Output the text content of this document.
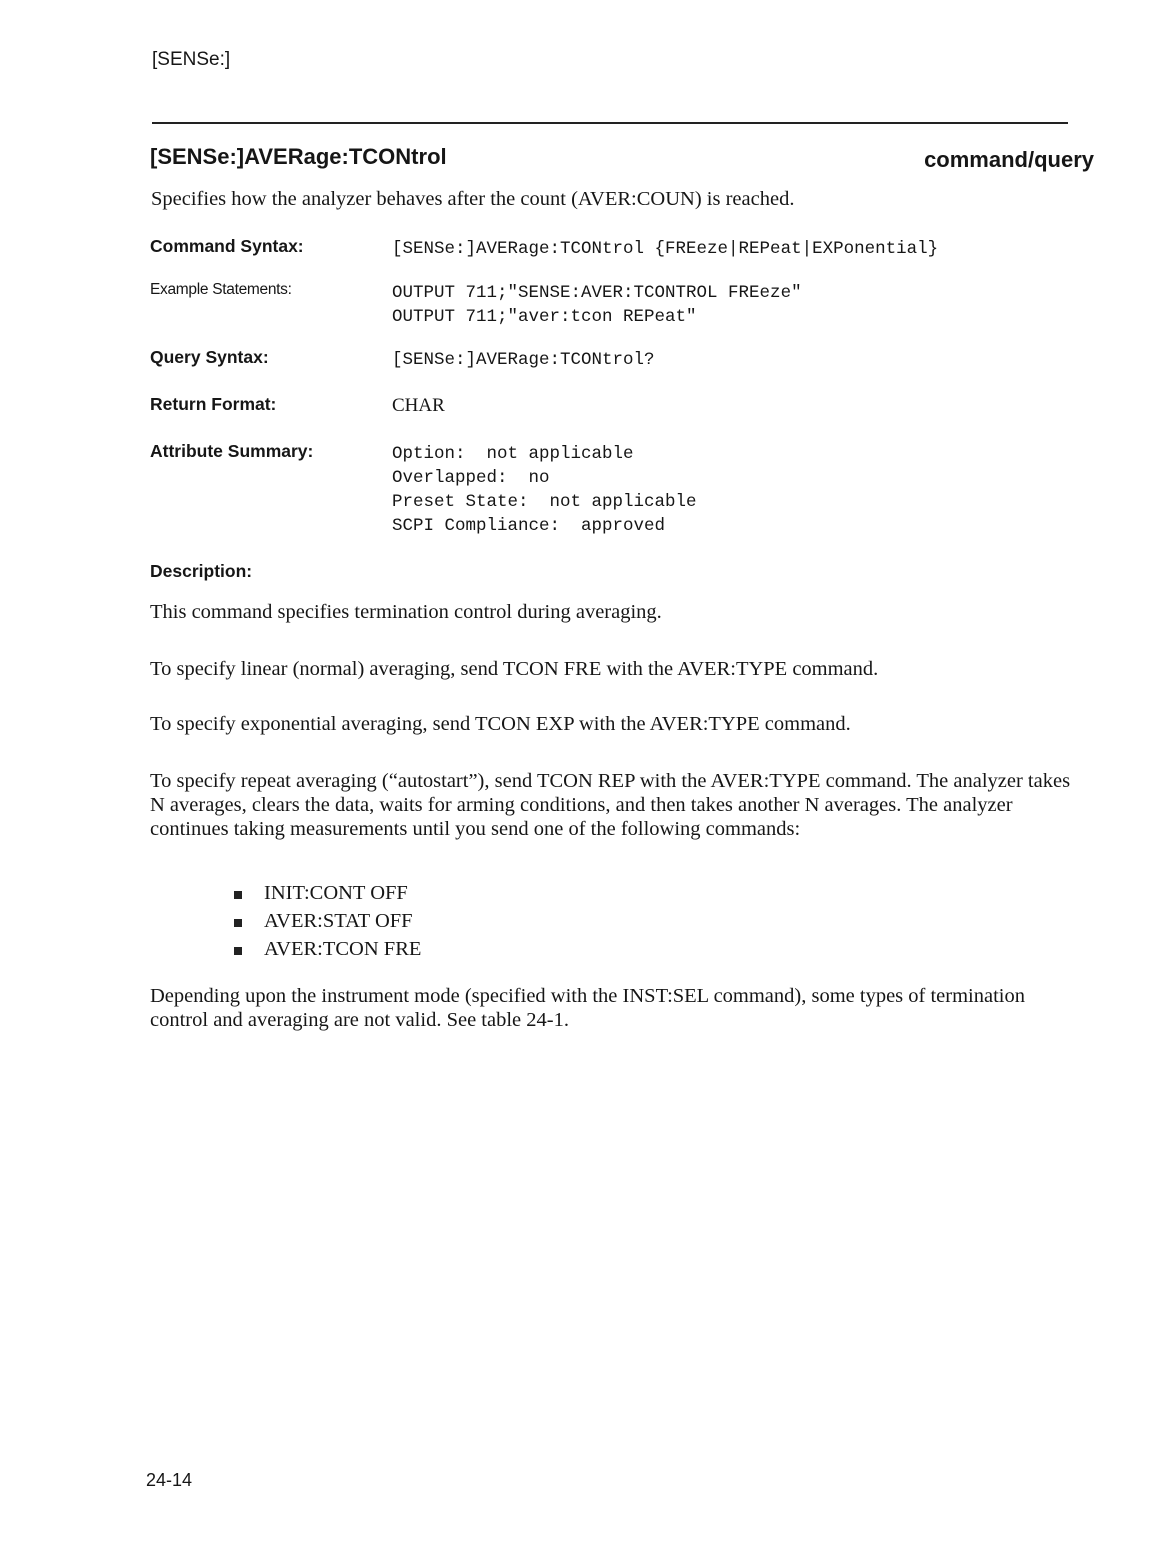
[SENSe:]
[SENSe:]AVERage:TCONtrol	command/query
Specifies how the analyzer behaves after the count (AVER:COUN) is reached.
Command Syntax:	[SENSe:]AVERage:TCONtrol {FREeze|REPeat|EXPonential}
Example Statements:	OUTPUT 711;"SENSE:AVER:TCONTROL FREeze"
OUTPUT 711;"aver:tcon REPeat"
Query Syntax:	[SENSe:]AVERage:TCONtrol?
Return Format:	CHAR
Attribute Summary:	Option:  not applicable
Overlapped:  no
Preset State:  not applicable
SCPI Compliance:  approved
Description:
This command specifies termination control during averaging.
To specify linear (normal) averaging, send TCON FRE with the AVER:TYPE command.
To specify exponential averaging, send TCON EXP with the AVER:TYPE command.
To specify repeat averaging (“autostart”), send TCON REP with the AVER:TYPE command. The analyzer takes N averages, clears the data, waits for arming conditions, and then takes another N averages. The analyzer continues taking measurements until you send one of the following commands:
INIT:CONT OFF
AVER:STAT OFF
AVER:TCON FRE
Depending upon the instrument mode (specified with the INST:SEL command), some types of termination control and averaging are not valid. See table 24-1.
24-14
